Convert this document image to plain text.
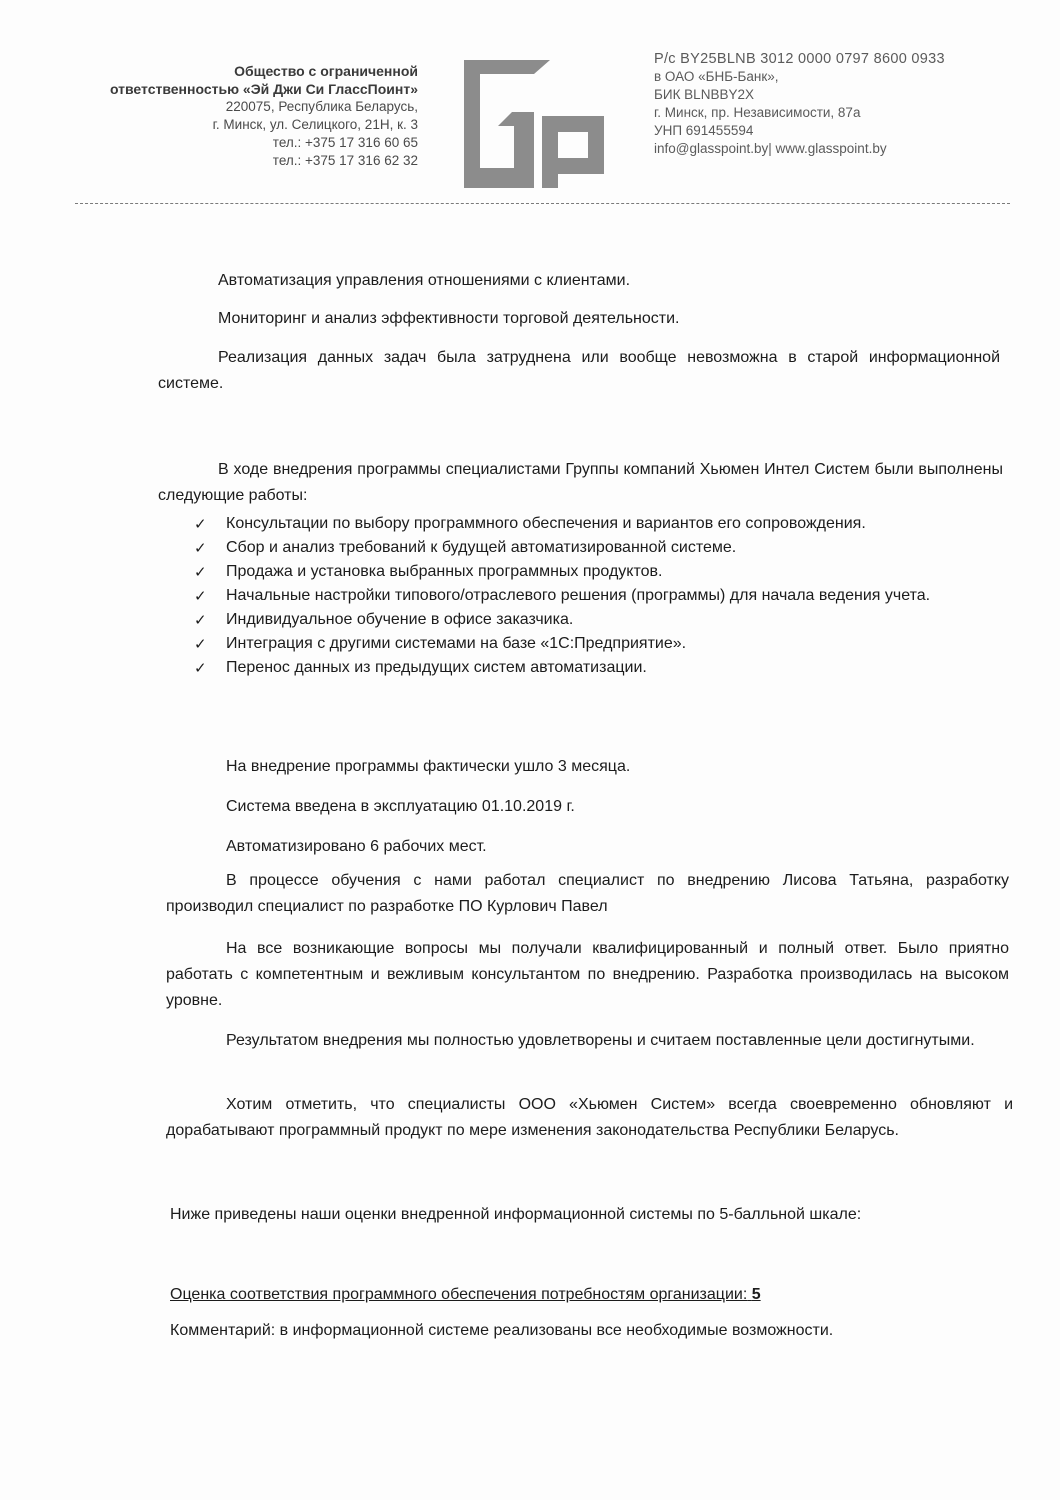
Общество с ограниченной
ответственностью «Эй Джи Си ГлассПоинт»
220075, Республика Беларусь,
г. Минск, ул. Селицкого, 21Н, к. 3
тел.: +375 17 316 60 65
тел.: +375 17 316 62 32
Р/с BY25BLNB 3012 0000 0797 8600 0933
в ОАО «БНБ-Банк»,
БИК BLNBBY2X
г. Минск, пр. Независимости, 87а
УНП 691455594
info@glasspoint.by| www.glasspoint.by
Автоматизация управления отношениями с клиентами.
Мониторинг и анализ эффективности торговой деятельности.
Реализация данных задач была затруднена или вообще невозможна в старой информационной системе.
В ходе внедрения программы специалистами Группы компаний Хьюмен Интел Систем были выполнены следующие работы:
✓ Консультации по выбору программного обеспечения и вариантов его сопровождения.
✓ Сбор и анализ требований к будущей автоматизированной системе.
✓ Продажа и установка выбранных программных продуктов.
✓ Начальные настройки типового/отраслевого решения (программы) для начала ведения учета.
✓ Индивидуальное обучение в офисе заказчика.
✓ Интеграция с другими системами на базе «1С:Предприятие».
✓ Перенос данных из предыдущих систем автоматизации.
На внедрение программы фактически ушло 3 месяца.
Система введена в эксплуатацию 01.10.2019 г.
Автоматизировано 6 рабочих мест.
В процессе обучения с нами работал специалист по внедрению Лисова Татьяна, разработку производил специалист по разработке ПО Курлович Павел
На все возникающие вопросы мы получали квалифицированный и полный ответ. Было приятно работать с компетентным и вежливым консультантом по внедрению. Разработка производилась на высоком уровне.
Результатом внедрения мы полностью удовлетворены и считаем поставленные цели достигнутыми.
Хотим отметить, что специалисты ООО «Хьюмен Систем» всегда своевременно обновляют и дорабатывают программный продукт по мере изменения законодательства Республики Беларусь.
Ниже приведены наши оценки внедренной информационной системы по 5-балльной шкале:
Оценка соответствия программного обеспечения потребностям организации: 5
Комментарий: в информационной системе реализованы все необходимые возможности.
